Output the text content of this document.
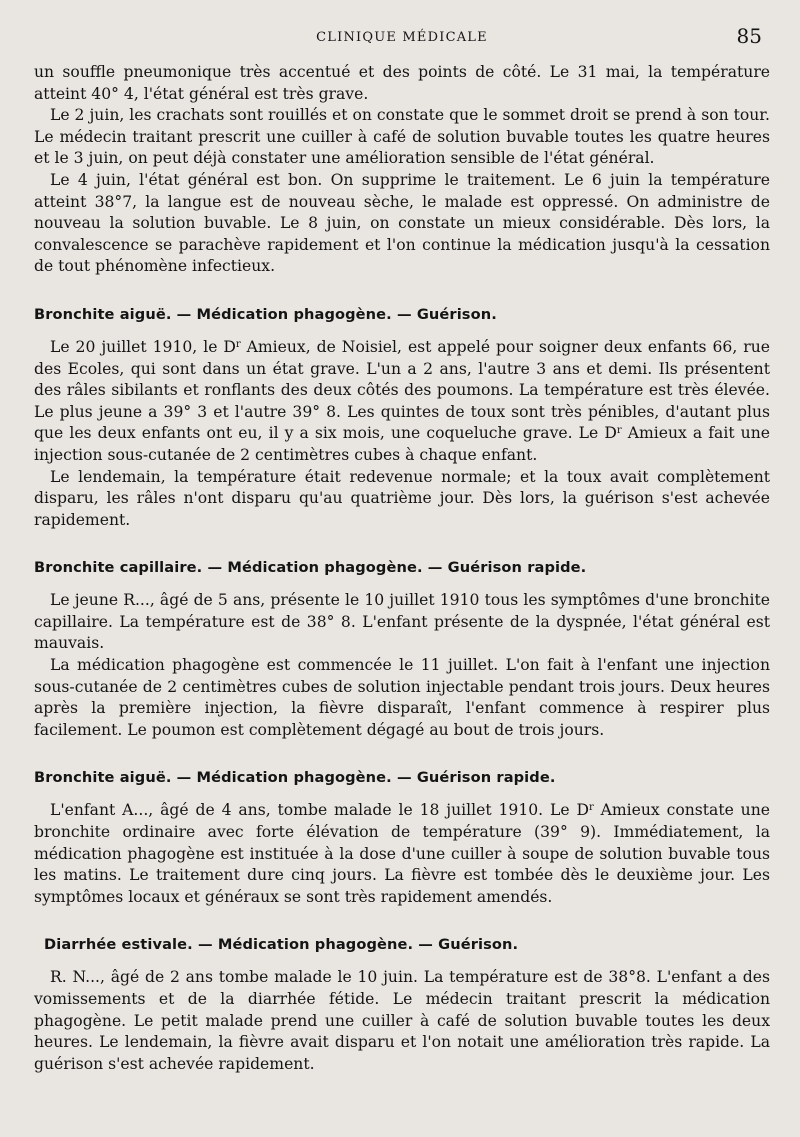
CLINIQUE MÉDICALE	85

un souffle pneumonique très accentué et des points de côté. Le 31 mai, la température atteint 40° 4, l'état général est très grave.

Le 2 juin, les crachats sont rouillés et on constate que le sommet droit se prend à son tour. Le médecin traitant prescrit une cuiller à café de solution buvable toutes les quatre heures et le 3 juin, on peut déjà constater une amélioration sensible de l'état général.

Le 4 juin, l'état général est bon. On supprime le traitement. Le 6 juin la température atteint 38°7, la langue est de nouveau sèche, le malade est oppressé. On administre de nouveau la solution buvable. Le 8 juin, on constate un mieux considérable. Dès lors, la convalescence se parachève rapidement et l'on continue la médication jusqu'à la cessation de tout phénomène infectieux.

Bronchite aiguë. — Médication phagogène. — Guérison.

Le 20 juillet 1910, le $D^r$ Amieux, de Noisiel, est appelé pour soigner deux enfants 66, rue des Ecoles, qui sont dans un état grave. L'un a 2 ans, l'autre 3 ans et demi. Ils présentent des râles sibilants et ronflants des deux côtés des poumons. La température est très élevée. Le plus jeune a 39° 3 et l'autre 39° 8. Les quintes de toux sont très pénibles, d'autant plus que les deux enfants ont eu, il y a six mois, une coqueluche grave. Le $D^r$ Amieux a fait une injection sous-cutanée de 2 centimètres cubes à chaque enfant.

Le lendemain, la température était redevenue normale; et la toux avait complètement disparu, les râles n'ont disparu qu'au quatrième jour. Dès lors, la guérison s'est achevée rapidement.

Bronchite capillaire. — Médication phagogène. — Guérison rapide.

Le jeune R..., âgé de 5 ans, présente le 10 juillet 1910 tous les symptômes d'une bronchite capillaire. La température est de 38° 8. L'enfant présente de la dyspnée, l'état général est mauvais.

La médication phagogène est commencée le 11 juillet. L'on fait à l'enfant une injection sous-cutanée de 2 centimètres cubes de solution injectable pendant trois jours. Deux heures après la première injection, la fièvre disparaît, l'enfant commence à respirer plus facilement. Le poumon est complètement dégagé au bout de trois jours.

Bronchite aiguë. — Médication phagogène. — Guérison rapide.

L'enfant A..., âgé de 4 ans, tombe malade le 18 juillet 1910. Le $D^r$ Amieux constate une bronchite ordinaire avec forte élévation de température (39° 9). Immédiatement, la médication phagogène est instituée à la dose d'une cuiller à soupe de solution buvable tous les matins. Le traitement dure cinq jours. La fièvre est tombée dès le deuxième jour. Les symptômes locaux et généraux se sont très rapidement amendés.

Diarrhée estivale. — Médication phagogène. — Guérison.

R. N..., âgé de 2 ans tombe malade le 10 juin. La température est de 38°8. L'enfant a des vomissements et de la diarrhée fétide. Le médecin traitant prescrit la médication phagogène. Le petit malade prend une cuiller à café de solution buvable toutes les deux heures. Le lendemain, la fièvre avait disparu et l'on notait une amélioration très rapide. La guérison s'est achevée rapidement.
